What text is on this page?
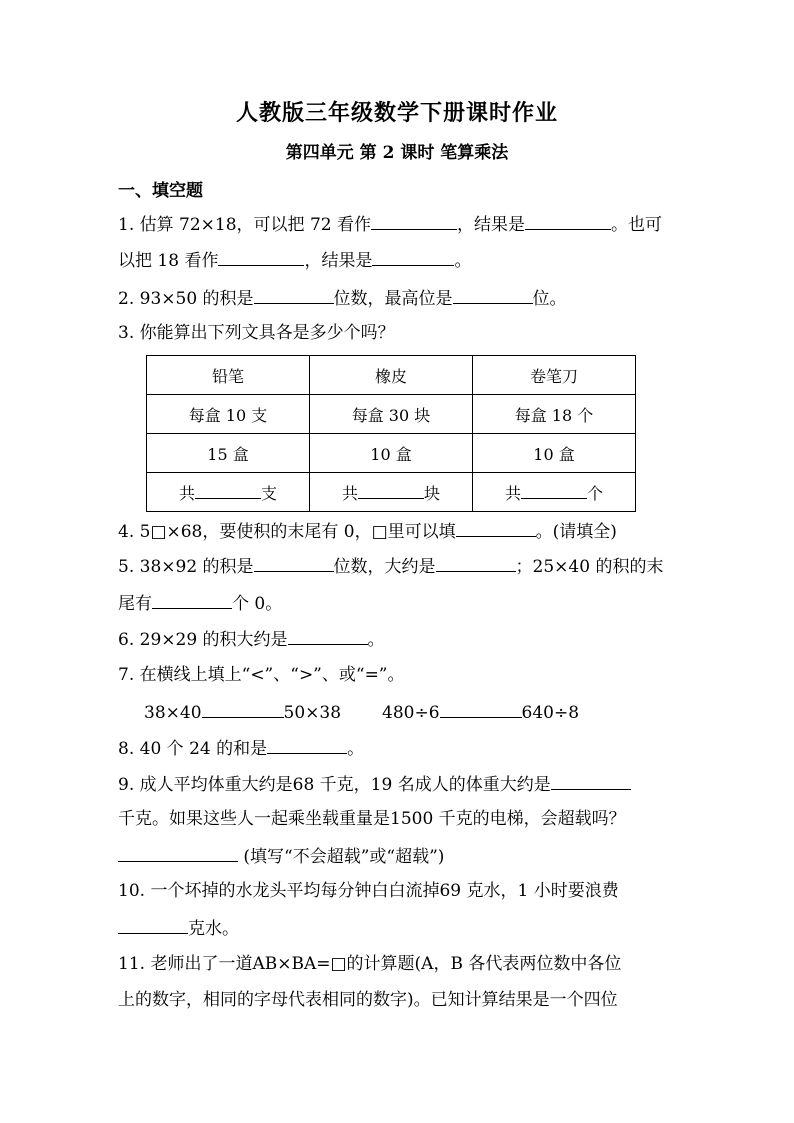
人教版三年级数学下册课时作业
第四单元 第 2 课时 笔算乘法
一、填空题
1. 估算 72×18，可以把 72 看作	，结果是	。也可
以把 18 看作	，结果是	。
2. 93×50 的积是	位数，最高位是	位。
3. 你能算出下列文具各是多少个吗？
铅笔	橡皮	卷笔刀
每盒 10 支	每盒 30 块	每盒 18 个
15 盒	10 盒	10 盒
共 支	共 块	共 个
4. 5□×68，要使积的末尾有 0，□里可以填	。(请填全)
5. 38×92 的积是	位数，大约是	；25×40 的积的末
尾有	个 0。
6. 29×29 的积大约是	。
7. 在横线上填上“<”、“>”、或“=”。
38×40	50×38 480÷6	640÷8
8. 40 个 24 的和是	。
9. 成人平均体重大约是68 千克，19 名成人的体重大约是
千克。如果这些人一起乘坐载重量是1500 千克的电梯，会超载吗？
(填写“不会超载”或“超载”)
10. 一个坏掉的水龙头平均每分钟白白流掉69 克水，1 小时要浪费
克水。
11. 老师出了一道AB×BA=□的计算题(A，B 各代表两位数中各位
上的数字，相同的字母代表相同的数字)。已知计算结果是一个四位
